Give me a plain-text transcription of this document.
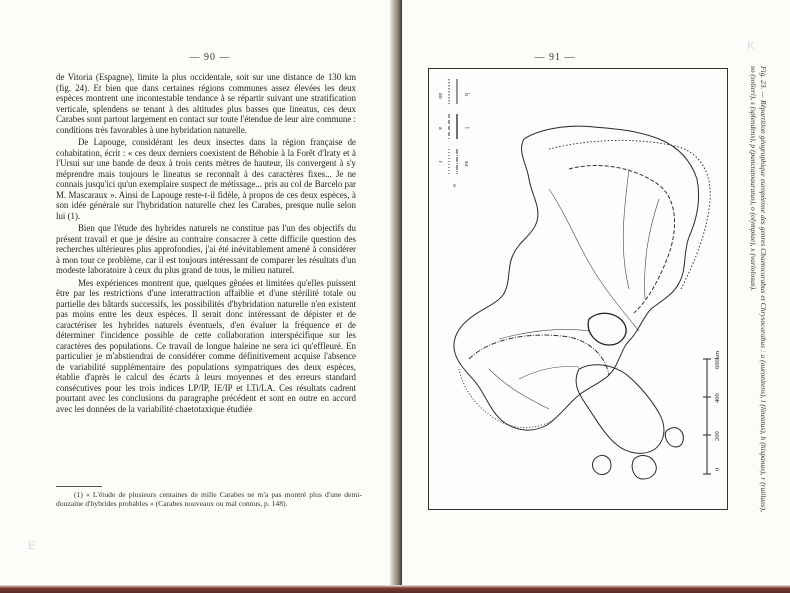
— 90 —

de Vitoria (Espagne), limite la plus occidentale, soit sur une distance de 130 km (fig. 24). Et bien que dans certaines régions communes assez élevées les deux espèces montrent une incontestable tendance à se répartir suivant une stratification verticale, splendens se tenant à des altitudes plus basses que lineatus, ces deux Carabes sont partout largement en contact sur toute l'étendue de leur aire commune : conditions très favorables à une hybridation naturelle.

De Lapouge, considérant les deux insectes dans la région française de cohabitation, écrit : « ces deux derniers coexistent de Béhobie à la Forêt d'Iraty et à l'Ursui sur une bande de deux à trois cents mètres de hauteur, ils convergent à s'y méprendre mais toujours le lineatus se reconnaît à des caractères fixes... Je ne connais jusqu'ici qu'un exemplaire suspect de métissage... pris au col de Barcelo par M. Mascaraux ». Ainsi de Lapouge reste-t-il fidèle, à propos de ces deux espèces, à son idée générale sur l'hybridation naturelle chez les Carabes, presque nulle selon lui (1).

Bien que l'étude des hybrides naturels ne constitue pas l'un des objectifs du présent travail et que je désire au contraire consacrer à cette difficile question des recherches ultérieures plus approfondies, j'ai été inévitablement amené à considérer à mon tour ce problème, car il est toujours intéressant de comparer les résultats d'un modeste laboratoire à ceux du plus grand de tous, le milieu naturel.

Mes expériences montrent que, quelques gênées et limitées qu'elles puissent être par les restrictions d'une interattraction affaiblie et d'une stérilité totale ou partielle des bâtards successifs, les possibilités d'hybridation naturelle n'en existent pas moins entre les deux espèces. Il serait donc intéressant de dépister et de caractériser les hybrides naturels éventuels, d'en évaluer la fréquence et de déterminer l'incidence possible de cette collaboration interspécifique sur les caractères des populations. Ce travail de longue haleine ne sera ici qu'effleuré. En particulier je m'abstiendrai de considérer comme définitivement acquise l'absence de variabilité supplémentaire des populations sympatriques des deux espèces, établie d'après le calcul des écarts à leurs moyennes et des erreurs standard consécutives pour les trois indices LP/IP, IE/IP et LTi/LA. Ces résultats cadrent pourtant avec les conclusions du paragraphe précédent et sont en outre en accord avec les données de la variabilité chaetotaxique étudiée

(1) « L'étude de plusieurs centaines de mille Carabes ne m'a pas montré plus d'une demi-douzaine d'hybrides probables » (Carabes nouveaux ou mal connus, p. 148).
E
— 91 —
K
ao
a
r
h
l
so
x
0
200
400
600km	Fig. 23. — Répartition géographique européenne des genres Chaetocarabus et Chrysocarabus : a (auronitens), l (lineatus), h (hispanus), r (rutilans), so (solieri), s (splendens), p (punctatoauratus), o (olympiae), x (variolosus).
